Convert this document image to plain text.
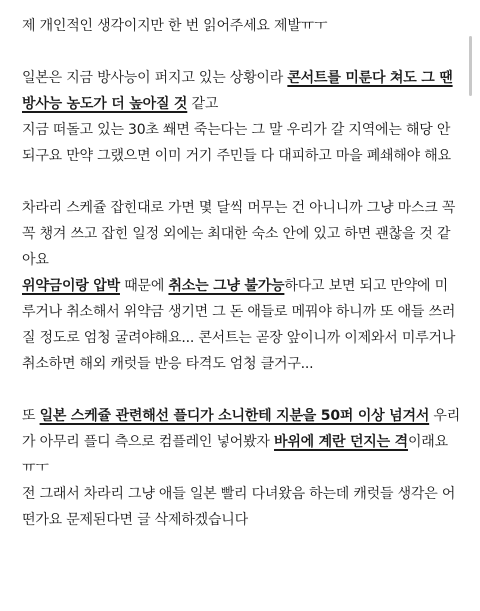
제 개인적인 생각이지만 한 번 읽어주세요 제발ㅠㅜ
일본은 지금 방사능이 퍼지고 있는 상황이라 콘서트를 미룬다 쳐도 그 땐
방사능 농도가 더 높아질 것 같고
지금 떠돌고 있는 30초 쐐면 죽는다는 그 말 우리가 갈 지역에는 해당 안
되구요 만약 그랬으면 이미 거기 주민들 다 대피하고 마을 폐쇄해야 해요
차라리 스케쥴 잡힌대로 가면 몇 달씩 머무는 건 아니니까 그냥 마스크 꼭
꼭 챙겨 쓰고 잡힌 일정 외에는 최대한 숙소 안에 있고 하면 괜찮을 것 같
아요
위약금이랑 압박 때문에 취소는 그냥 불가능하다고 보면 되고 만약에 미
루거나 취소해서 위약금 생기면 그 돈 애들로 메꿔야 하니까 또 애들 쓰러
질 정도로 엄청 굴려야해요... 콘서트는 곧장 앞이니까 이제와서 미루거나
취소하면 해외 캐럿들 반응 타격도 엄청 클거구...
또 일본 스케쥴 관련해선 플디가 소니한테 지분을 50퍼 이상 넘겨서 우리
가 아무리 플디 측으로 컴플레인 넣어봤자 바위에 계란 던지는 격이래요
ㅠㅜ
전 그래서 차라리 그냥 애들 일본 빨리 다녀왔음 하는데 캐럿들 생각은 어
떤가요 문제된다면 글 삭제하겠습니다
